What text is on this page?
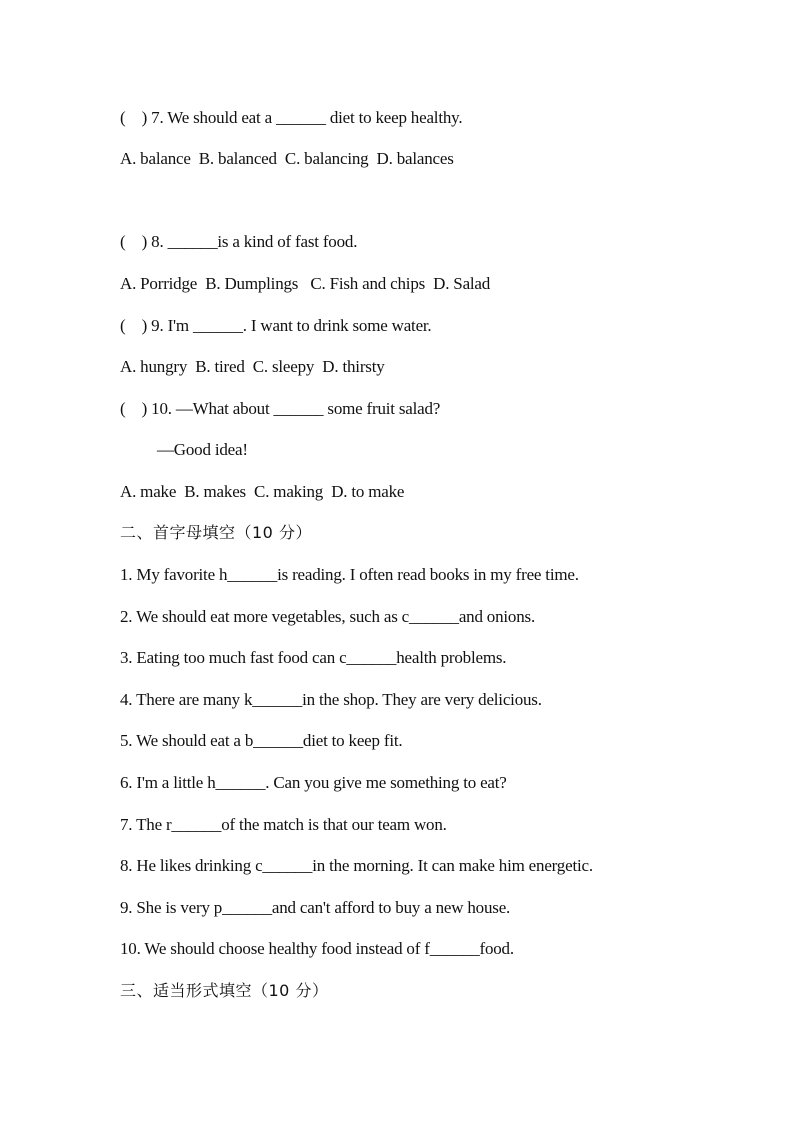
(    ) 7. We should eat a ______ diet to keep healthy.
A. balance  B. balanced  C. balancing  D. balances
(    ) 8. ______is a kind of fast food.
A. Porridge  B. Dumplings   C. Fish and chips  D. Salad
(    ) 9. I'm ______. I want to drink some water.
A. hungry  B. tired  C. sleepy  D. thirsty
(    ) 10. —What about ______ some fruit salad?
—Good idea!
A. make  B. makes  C. making  D. to make
二、首字母填空（10 分）
1. My favorite h______is reading. I often read books in my free time.
2. We should eat more vegetables, such as c______and onions.
3. Eating too much fast food can c______health problems.
4. There are many k______in the shop. They are very delicious.
5. We should eat a b______diet to keep fit.
6. I'm a little h______. Can you give me something to eat?
7. The r______of the match is that our team won.
8. He likes drinking c______in the morning. It can make him energetic.
9. She is very p______and can't afford to buy a new house.
10. We should choose healthy food instead of f______food.
三、适当形式填空（10 分）
